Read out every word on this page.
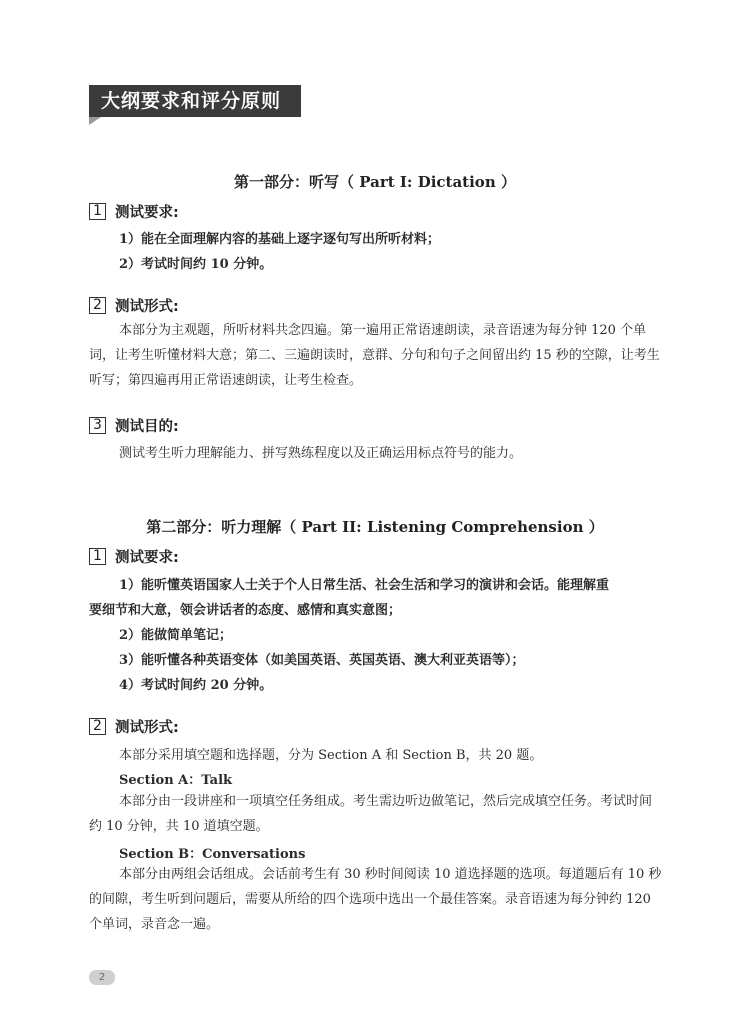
大纲要求和评分原则
第一部分：听写（ Part I: Dictation ）
1 测试要求:
1）能在全面理解内容的基础上逐字逐句写出所听材料；
2）考试时间约 10 分钟。
2 测试形式:
本部分为主观题，所听材料共念四遍。第一遍用正常语速朗读，录音语速为每分钟 120 个单词，让考生听懂材料大意；第二、三遍朗读时，意群、分句和句子之间留出约 15 秒的空隙，让考生听写；第四遍再用正常语速朗读，让考生检查。
3 测试目的:
测试考生听力理解能力、拼写熟练程度以及正确运用标点符号的能力。
第二部分：听力理解（ Part II: Listening Comprehension ）
1 测试要求:
1）能听懂英语国家人士关于个人日常生活、社会生活和学习的演讲和会话。能理解重
要细节和大意，领会讲话者的态度、感情和真实意图；
2）能做简单笔记；
3）能听懂各种英语变体（如美国英语、英国英语、澳大利亚英语等）；
4）考试时间约 20 分钟。
2 测试形式:
本部分采用填空题和选择题，分为 Section A 和 Section B，共 20 题。
Section A：Talk
本部分由一段讲座和一项填空任务组成。考生需边听边做笔记，然后完成填空任务。考试时间约 10 分钟，共 10 道填空题。
Section B：Conversations
本部分由两组会话组成。会话前考生有 30 秒时间阅读 10 道选择题的选项。每道题后有 10 秒的间隙，考生听到问题后，需要从所给的四个选项中选出一个最佳答案。录音语速为每分钟约 120 个单词，录音念一遍。
2
